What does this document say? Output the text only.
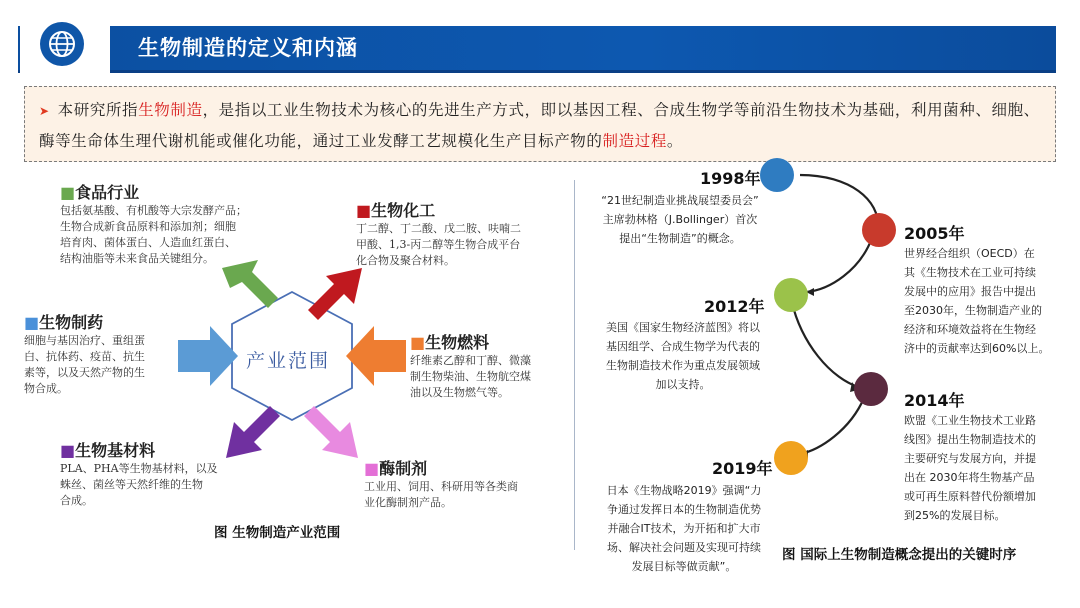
生物制造的定义和内涵
➤ 本研究所指生物制造，是指以工业生物技术为核心的先进生产方式，即以基因工程、合成生物学等前沿生物技术为基础，利用菌种、细胞、酶等生命体生理代谢机能或催化功能，通过工业发酵工艺规模化生产目标产物的制造过程。
产业范围
■食品行业
包括氨基酸、有机酸等大宗发酵产品；
生物合成新食品原料和添加剂；细胞
培育肉、菌体蛋白、人造血红蛋白、
结构油脂等未来食品关键组分。
■生物化工
丁二醇、丁二酸、戊二胺、呋喃二
甲酸、1,3-丙二醇等生物合成平台
化合物及聚合材料。
■生物制药
细胞与基因治疗、重组蛋
白、抗体药、疫苗、抗生
素等，以及天然产物的生
物合成。
■生物燃料
纤维素乙醇和丁醇、微藻
制生物柴油、生物航空煤
油以及生物燃气等。
■生物基材料
PLA、PHA等生物基材料，以及
蛛丝、菌丝等天然纤维的生物
合成。
■酶制剂
工业用、饲用、科研用等各类商
业化酶制剂产品。
图 生物制造产业范围
1998年
“21世纪制造业挑战展望委员会”
主席勃林格（J.Bollinger）首次
提出“生物制造”的概念。	2005年
世界经合组织（OECD）在
其《生物技术在工业可持续
发展中的应用》报告中提出
至2030年，生物制造产业的
经济和环境效益将在生物经
济中的贡献率达到60%以上。
2012年
美国《国家生物经济蓝图》将以
基因组学、合成生物学为代表的
生物制造技术作为重点发展领域
加以支持。
2014年
欧盟《工业生物技术工业路
线图》提出生物制造技术的
主要研究与发展方向，并提
出在 2030年将生物基产品
或可再生原料替代份额增加
到25%的发展目标。
2019年
日本《生物战略2019》强调“力
争通过发挥日本的生物制造优势
并融合IT技术，为开拓和扩大市
场、解决社会问题及实现可持续
发展目标等做贡献”。
图 国际上生物制造概念提出的关键时序
